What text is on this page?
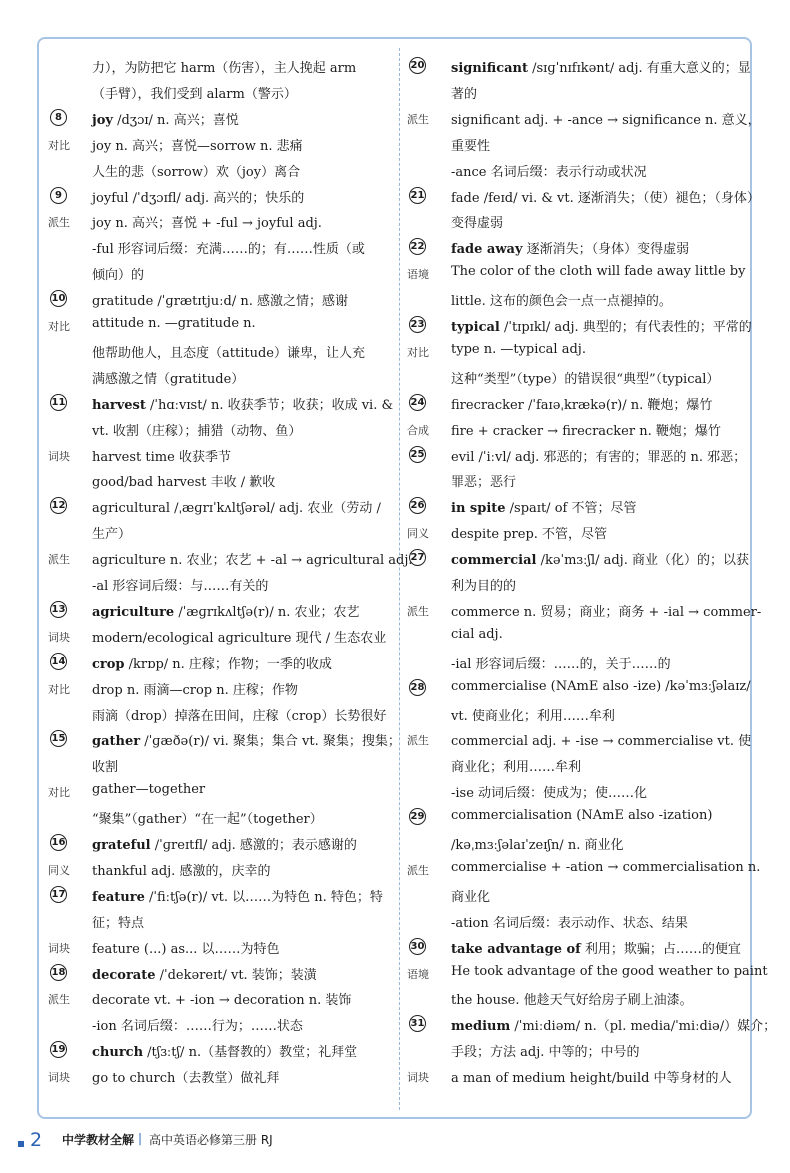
力），为防把它 harm（伤害），主人挽起 arm
（手臂），我们受到 alarm（警示）
8	joy /dʒɔɪ/ n. 高兴；喜悦
对比 joy n. 高兴；喜悦—sorrow n. 悲痛
人生的悲（sorrow）欢（joy）离合
9	joyful /ˈdʒɔɪfl/ adj. 高兴的；快乐的
派生 joy n. 高兴；喜悦 + -ful → joyful adj.
-ful 形容词后缀：充满……的；有……性质（或
倾向）的
10 gratitude /ˈɡrætɪtjuːd/ n. 感激之情；感谢
对比 attitude n. —gratitude n.
他帮助他人，且态度（attitude）谦卑，让人充
满感激之情（gratitude）
11 harvest /ˈhɑːvɪst/ n. 收获季节；收获；收成 vi. &
vt. 收割（庄稼）；捕猎（动物、鱼）
词块 harvest time 收获季节
good/bad harvest 丰收 / 歉收
12 agricultural /ˌæɡrɪˈkʌltʃərəl/ adj. 农业（劳动 /
生产）
派生 agriculture n. 农业；农艺 + -al → agricultural adj.
-al 形容词后缀：与……有关的
13 agriculture /ˈæɡrɪkʌltʃə(r)/ n. 农业；农艺
词块 modern/ecological agriculture 现代 / 生态农业
14 crop /krɒp/ n. 庄稼；作物；一季的收成
对比 drop n. 雨滴—crop n. 庄稼；作物
雨滴（drop）掉落在田间，庄稼（crop）长势很好
15 gather /ˈɡæðə(r)/ vi. 聚集；集合 vt. 聚集；搜集；
收割
对比 gather—together
“聚集”（gather）“在一起”（together）
16 grateful /ˈɡreɪtfl/ adj. 感激的；表示感谢的
同义 thankful adj. 感激的，庆幸的
17 feature /ˈfiːtʃə(r)/ vt. 以……为特色 n. 特色；特
征；特点
词块 feature (...) as... 以……为特色
18 decorate /ˈdekəreɪt/ vt. 装饰；装潢
派生 decorate vt. + -ion → decoration n. 装饰
-ion 名词后缀：……行为；……状态
19 church /tʃɜːtʃ/ n.（基督教的）教堂；礼拜堂
词块 go to church（去教堂）做礼拜
20 significant /sɪɡˈnɪfɪkənt/ adj. 有重大意义的；显
著的
派生 significant adj. + -ance → significance n. 意义，
重要性
-ance 名词后缀：表示行动或状况
21 fade /feɪd/ vi. & vt. 逐渐消失；（使）褪色；（身体）
变得虚弱
22 fade away 逐渐消失；（身体）变得虚弱
语境 The color of the cloth will fade away little by
little. 这布的颜色会一点一点褪掉的。
23 typical /ˈtɪpɪkl/ adj. 典型的；有代表性的；平常的
对比 type n. —typical adj.
这种“类型”（type）的错误很“典型”（typical）
24 firecracker /ˈfaɪəˌkrækə(r)/ n. 鞭炮；爆竹
合成 fire + cracker → firecracker n. 鞭炮；爆竹
25 evil /ˈiːvl/ adj. 邪恶的；有害的；罪恶的 n. 邪恶；
罪恶；恶行
26 in spite /spaɪt/ of 不管；尽管
同义 despite prep. 不管，尽管
27 commercial /kəˈmɜːʃl/ adj. 商业（化）的；以获
利为目的的
派生 commerce n. 贸易；商业；商务 + -ial → commer-
cial adj.
-ial 形容词后缀：……的，关于……的
28 commercialise (NAmE also -ize) /kəˈmɜːʃəlaɪz/
vt. 使商业化；利用……牟利
派生 commercial adj. + -ise → commercialise vt. 使
商业化；利用……牟利
-ise 动词后缀：使成为；使……化
29 commercialisation (NAmE also -ization)
/kəˌmɜːʃəlaɪˈzeɪʃn/ n. 商业化
派生 commercialise + -ation → commercialisation n.
商业化
-ation 名词后缀：表示动作、状态、结果
30 take advantage of 利用；欺骗；占……的便宜
语境 He took advantage of the good weather to paint
the house. 他趁天气好给房子刷上油漆。
31 medium /ˈmiːdiəm/ n.（pl. media/ˈmiːdiə/）媒介；
手段；方法 adj. 中等的；中号的
词块 a man of medium height/build 中等身材的人
2 中学教材全解 | 高中英语必修第三册 RJ
